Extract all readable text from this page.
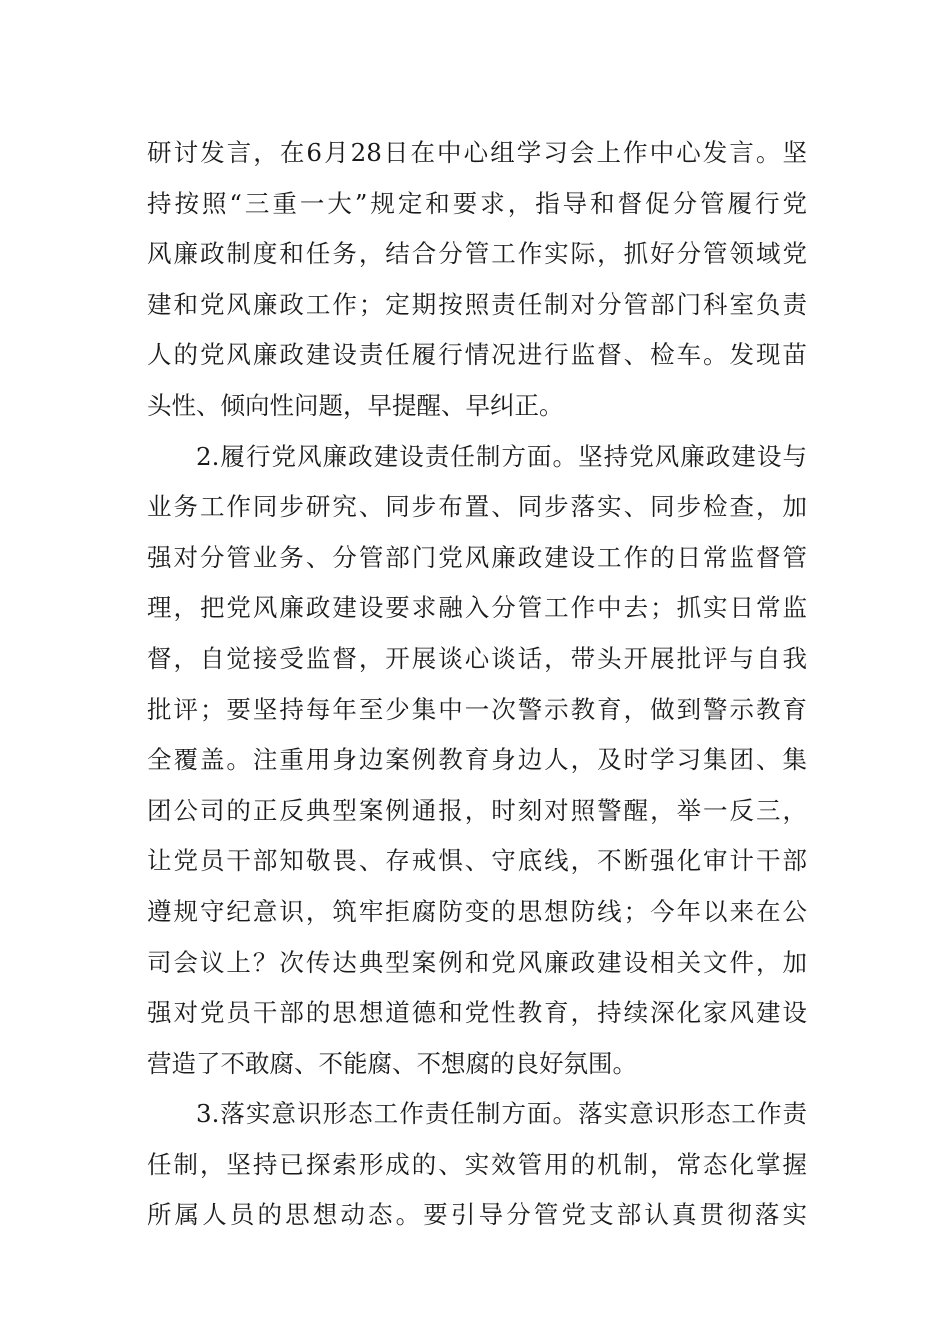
研讨发言，在6月28日在中心组学习会上作中心发言。坚
持按照“三重一大”规定和要求，指导和督促分管履行党
风廉政制度和任务，结合分管工作实际，抓好分管领域党
建和党风廉政工作；定期按照责任制对分管部门科室负责
人的党风廉政建设责任履行情况进行监督、检车。发现苗
头性、倾向性问题，早提醒、早纠正。
2.履行党风廉政建设责任制方面。坚持党风廉政建设与
业务工作同步研究、同步布置、同步落实、同步检查，加
强对分管业务、分管部门党风廉政建设工作的日常监督管
理，把党风廉政建设要求融入分管工作中去；抓实日常监
督，自觉接受监督，开展谈心谈话，带头开展批评与自我
批评；要坚持每年至少集中一次警示教育，做到警示教育
全覆盖。注重用身边案例教育身边人，及时学习集团、集
团公司的正反典型案例通报，时刻对照警醒，举一反三，
让党员干部知敬畏、存戒惧、守底线，不断强化审计干部
遵规守纪意识，筑牢拒腐防变的思想防线；今年以来在公
司会议上？次传达典型案例和党风廉政建设相关文件，加
强对党员干部的思想道德和党性教育，持续深化家风建设
营造了不敢腐、不能腐、不想腐的良好氛围。
3.落实意识形态工作责任制方面。落实意识形态工作责
任制，坚持已探索形成的、实效管用的机制，常态化掌握
所属人员的思想动态。要引导分管党支部认真贯彻落实
